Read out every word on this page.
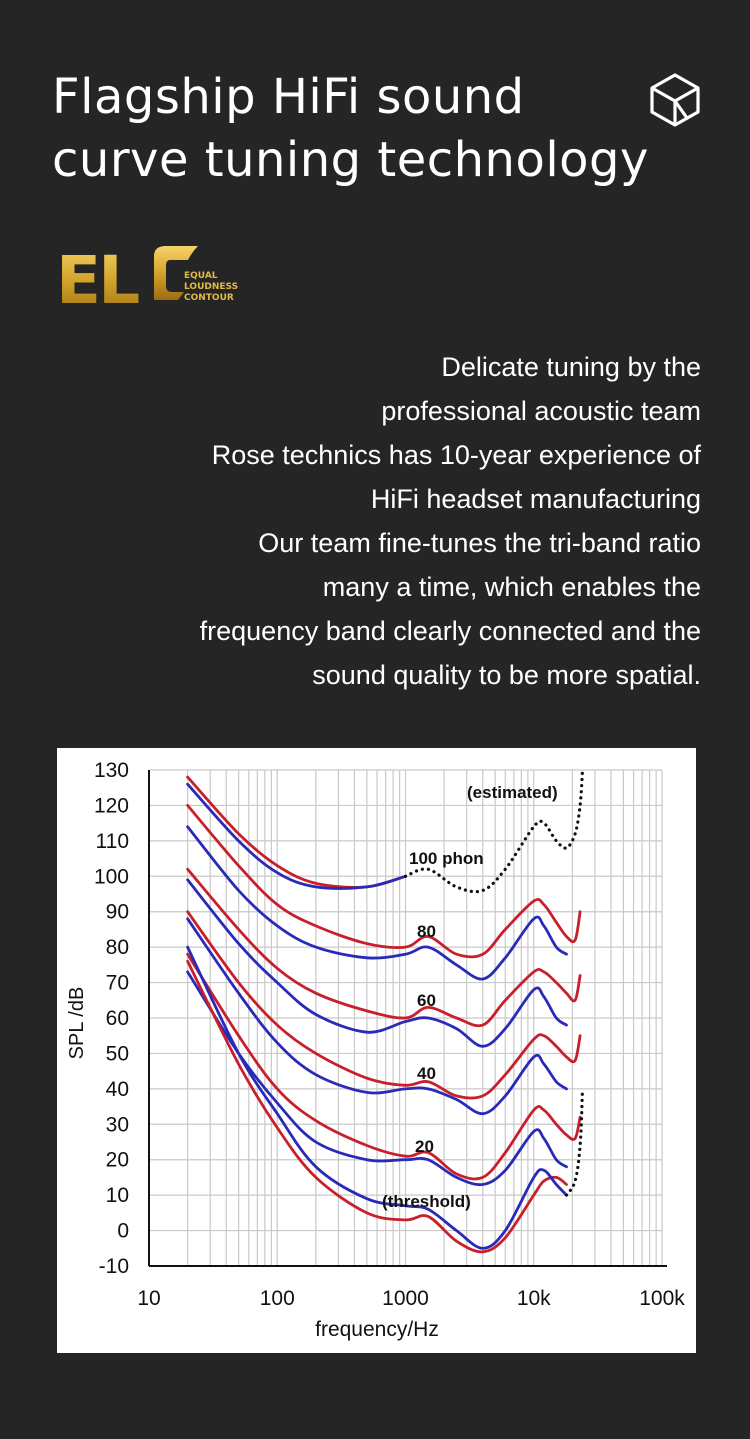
Flagship HiFi sound
curve tuning technology
EL	EQUAL
LOUDNESS
CONTOUR
Delicate tuning by the
professional acoustic team
Rose technics has 10-year experience of
HiFi headset manufacturing
Our team fine-tunes the tri-band ratio
many a time, which enables the
frequency band clearly connected and the
sound quality to be more spatial.
10	100	1000	10k	100k
130
120
110
100
90
80
70
60
50
40
30
20
10
0
-10
frequency/Hz
SPL /dB
(estimated)
100 phon
80
60
40
20
(threshold)
